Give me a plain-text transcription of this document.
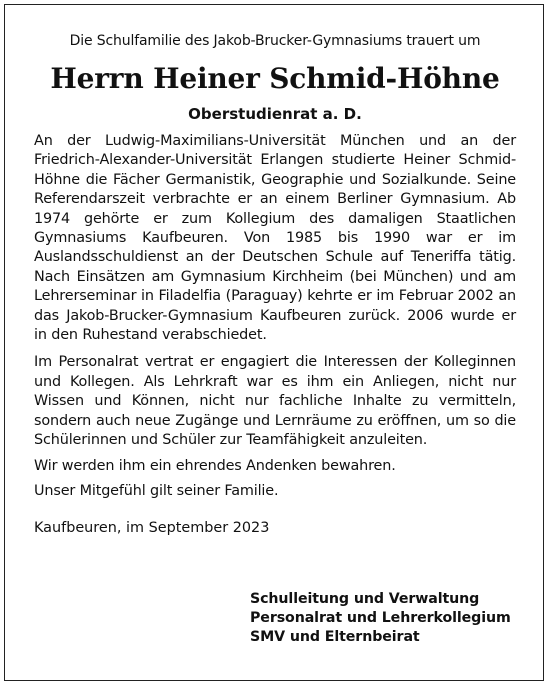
Die Schulfamilie des Jakob-Brucker-Gymnasiums trauert um

Herrn Heiner Schmid-Höhne

Oberstudienrat a. D.

An der Ludwig-Maximilians-Universität München und an der Friedrich-Alexander-Universität Erlangen studierte Heiner Schmid-Höhne die Fächer Germanistik, Geographie und Sozialkunde. Seine Referendarszeit verbrachte er an einem Berliner Gymnasium. Ab 1974 gehörte er zum Kollegium des damaligen Staatlichen Gymnasiums Kaufbeuren. Von 1985 bis 1990 war er im Auslandsschuldienst an der Deutschen Schule auf Teneriffa tätig. Nach Einsätzen am Gymnasium Kirchheim (bei München) und am Lehrerseminar in Filadelfia (Paraguay) kehrte er im Februar 2002 an das Jakob-Brucker-Gymnasium Kaufbeuren zurück. 2006 wurde er in den Ruhestand verabschiedet.

Im Personalrat vertrat er engagiert die Interessen der Kolleginnen und Kollegen. Als Lehrkraft war es ihm ein Anliegen, nicht nur Wissen und Können, nicht nur fachliche Inhalte zu vermitteln, sondern auch neue Zugänge und Lernräume zu eröffnen, um so die Schülerinnen und Schüler zur Teamfähigkeit anzuleiten.

Wir werden ihm ein ehrendes Andenken bewahren.

Unser Mitgefühl gilt seiner Familie.

Kaufbeuren, im September 2023

Schulleitung und Verwaltung
Personalrat und Lehrerkollegium
SMV und Elternbeirat
